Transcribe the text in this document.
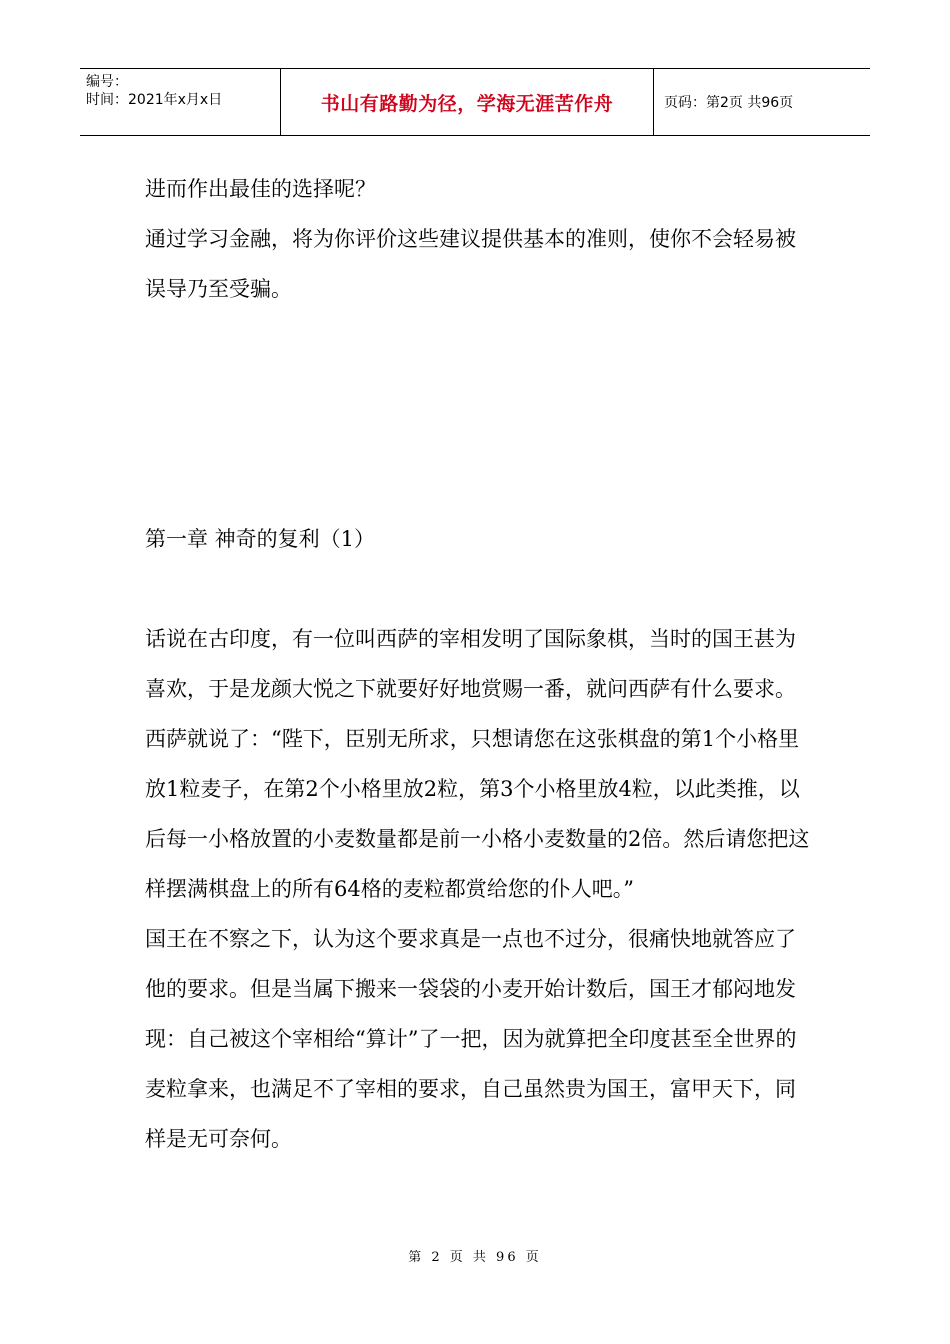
编号：
时间：2021年x月x日	书山有路勤为径，学海无涯苦作舟	页码：第2页 共96页

进而作出最佳的选择呢？

通过学习金融，将为你评价这些建议提供基本的准则，使你不会轻易被误导乃至受骗。

第一章 神奇的复利（1）

话说在古印度，有一位叫西萨的宰相发明了国际象棋，当时的国王甚为喜欢，于是龙颜大悦之下就要好好地赏赐一番，就问西萨有什么要求。西萨就说了：“陛下，臣别无所求，只想请您在这张棋盘的第1个小格里放1粒麦子，在第2个小格里放2粒，第3个小格里放4粒，以此类推，以后每一小格放置的小麦数量都是前一小格小麦数量的2倍。然后请您把这样摆满棋盘上的所有64格的麦粒都赏给您的仆人吧。”

国王在不察之下，认为这个要求真是一点也不过分，很痛快地就答应了他的要求。但是当属下搬来一袋袋的小麦开始计数后，国王才郁闷地发现：自己被这个宰相给“算计”了一把，因为就算把全印度甚至全世界的麦粒拿来，也满足不了宰相的要求，自己虽然贵为国王，富甲天下，同样是无可奈何。

第 2 页 共 96 页
